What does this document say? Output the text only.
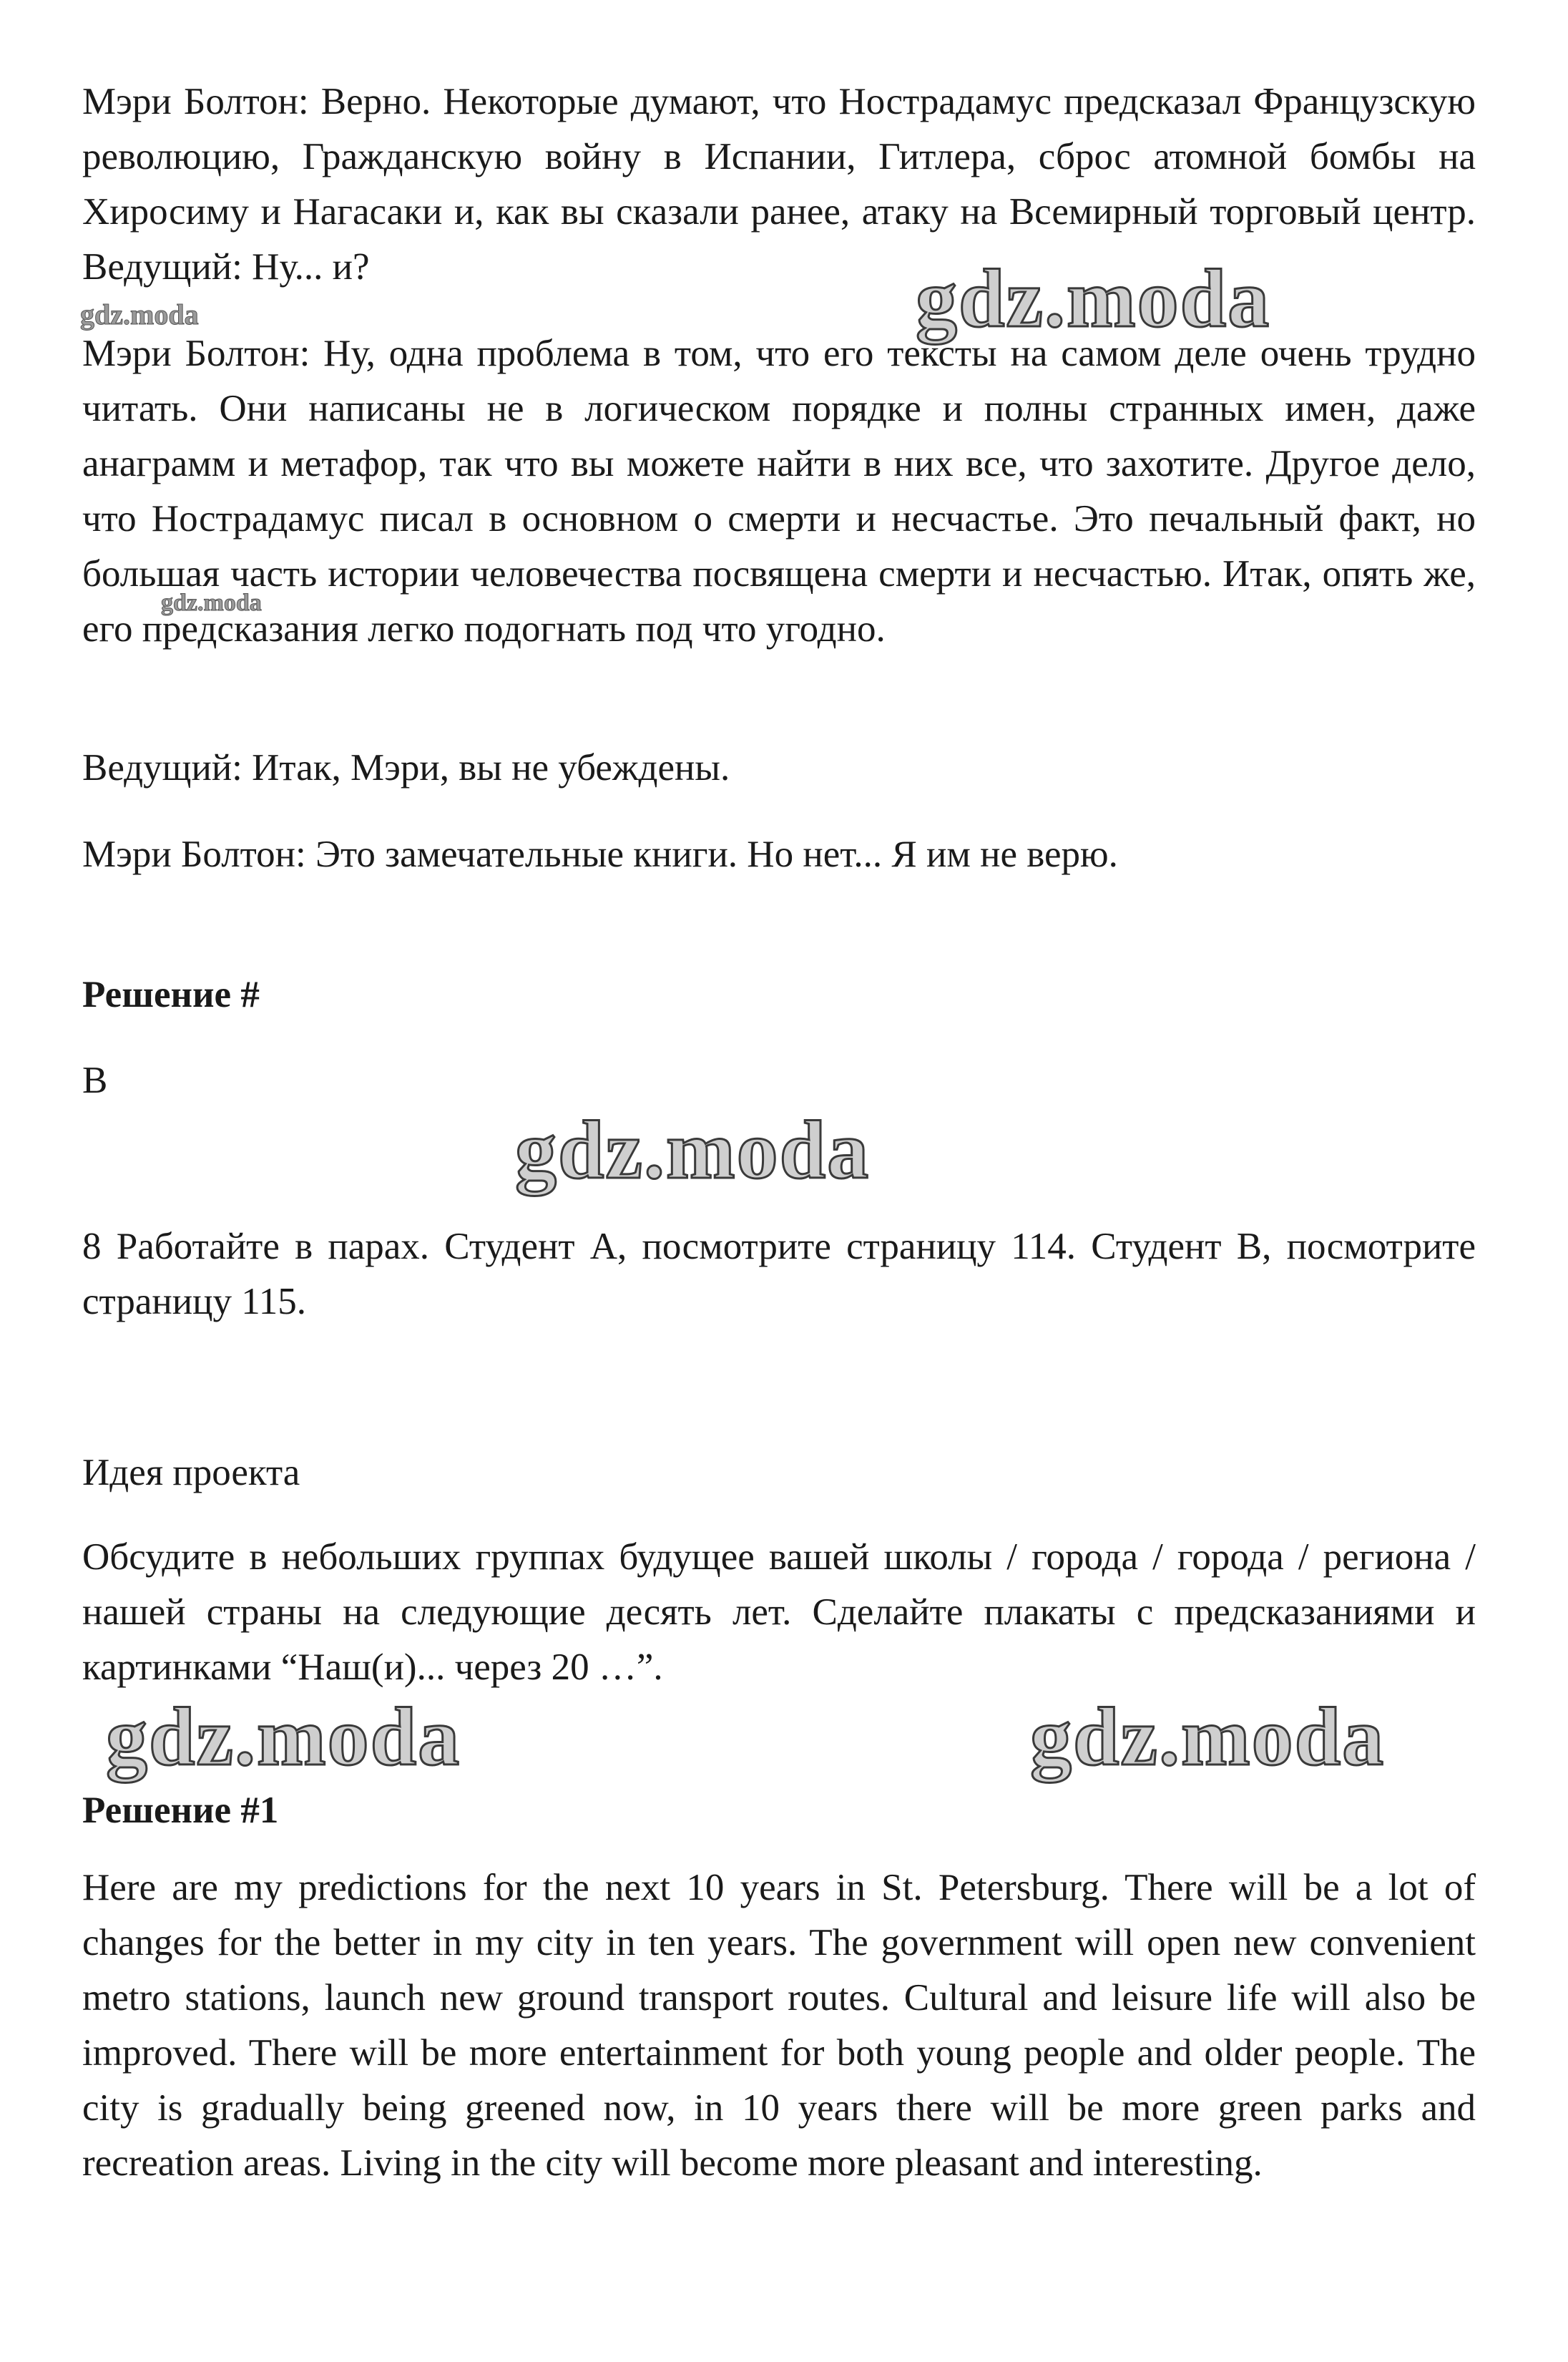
Мэри Болтон: Верно. Некоторые думают, что Нострадамус предсказал Французскую революцию, Гражданскую войну в Испании, Гитлера, сброс атомной бомбы на Хиросиму и Нагасаки и, как вы сказали ранее, атаку на Всемирный торговый центр. Ведущий: Ну... и?

Мэри Болтон: Ну, одна проблема в том, что его тексты на самом деле очень трудно читать. Они написаны не в логическом порядке и полны странных имен, даже анаграмм и метафор, так что вы можете найти в них все, что захотите. Другое дело, что Нострадамус писал в основном о смерти и несчастье. Это печальный факт, но большая часть истории человечества посвящена смерти и несчастью. Итак, опять же, его предсказания легко подогнать под что угодно.

Ведущий: Итак, Мэри, вы не убеждены.

Мэри Болтон: Это замечательные книги. Но нет... Я им не верю.

Решение #

B

8 Работайте в парах. Студент А, посмотрите страницу 114. Студент B, посмотрите страницу 115.

Идея проекта

Обсудите в небольших группах будущее вашей школы / города / города / региона / нашей страны на следующие десять лет. Сделайте плакаты с предсказаниями и картинками “Наш(и)... через 20 …”.

Решение #1

Here are my predictions for the next 10 years in St. Petersburg. There will be a lot of changes for the better in my city in ten years. The government will open new convenient metro stations, launch new ground transport routes. Cultural and leisure life will also be improved. There will be more entertainment for both young people and older people. The city is gradually being greened now, in 10 years there will be more green parks and recreation areas. Living in the city will become more pleasant and interesting.

gdz.moda
gdz.moda
gdz.moda
gdz.moda
gdz.moda	gdz.moda
